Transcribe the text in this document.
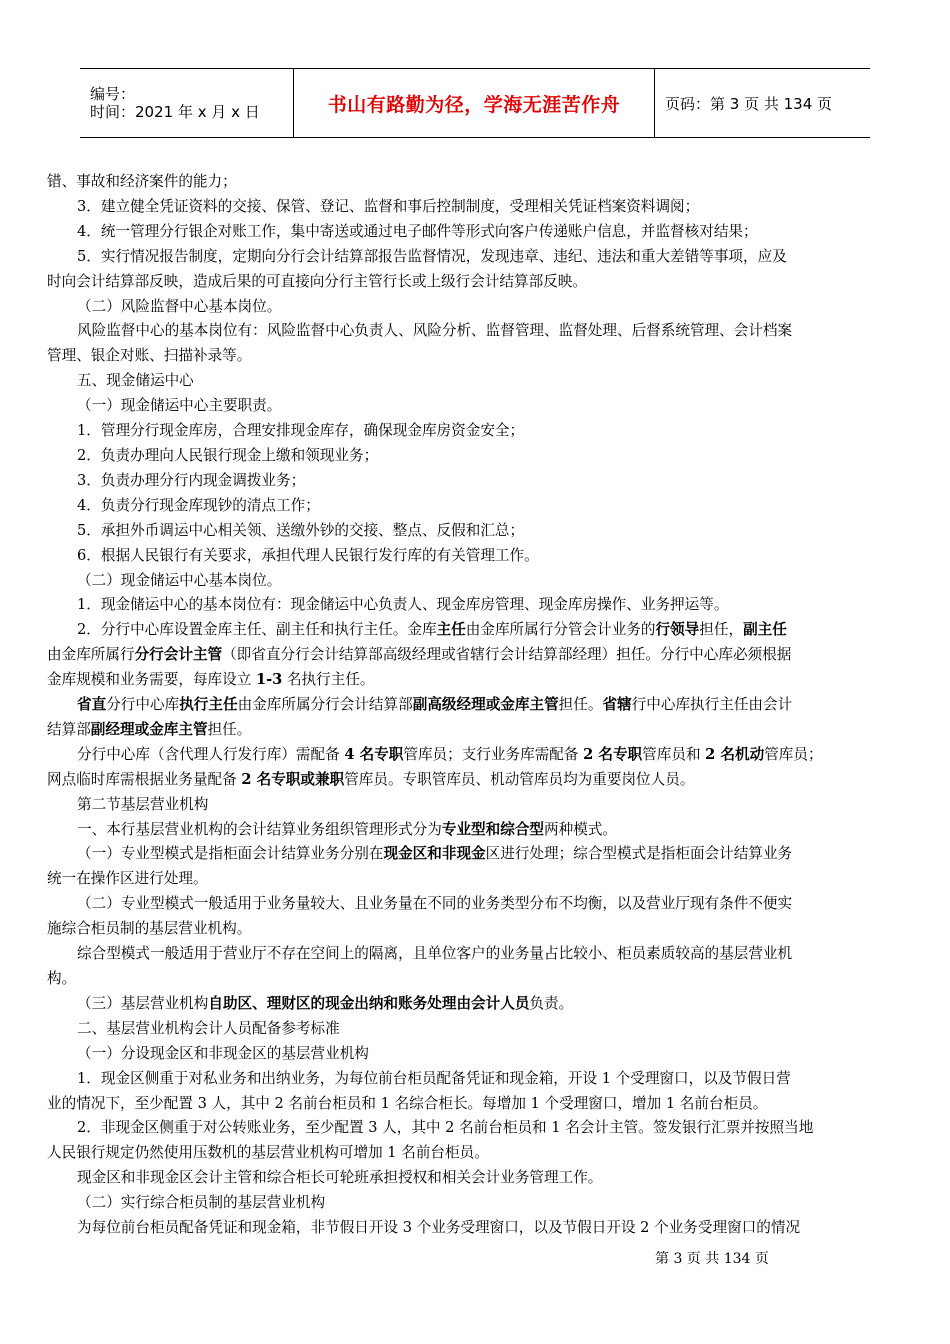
编号：
时间：2021 年 x 月 x 日	书山有路勤为径，学海无涯苦作舟	页码：第 3 页 共 134 页

错、事故和经济案件的能力；

3．建立健全凭证资料的交接、保管、登记、监督和事后控制制度，受理相关凭证档案资料调阅；

4．统一管理分行银企对账工作，集中寄送或通过电子邮件等形式向客户传递账户信息，并监督核对结果；

5．实行情况报告制度，定期向分行会计结算部报告监督情况，发现违章、违纪、违法和重大差错等事项，应及

时向会计结算部反映，造成后果的可直接向分行主管行长或上级行会计结算部反映。

（二）风险监督中心基本岗位。

风险监督中心的基本岗位有：风险监督中心负责人、风险分析、监督管理、监督处理、后督系统管理、会计档案

管理、银企对账、扫描补录等。

五、现金储运中心

（一）现金储运中心主要职责。

1．管理分行现金库房，合理安排现金库存，确保现金库房资金安全；

2．负责办理向人民银行现金上缴和领现业务；

3．负责办理分行内现金调拨业务；

4．负责分行现金库现钞的清点工作；

5．承担外币调运中心相关领、送缴外钞的交接、整点、反假和汇总；

6．根据人民银行有关要求，承担代理人民银行发行库的有关管理工作。

（二）现金储运中心基本岗位。

1．现金储运中心的基本岗位有：现金储运中心负责人、现金库房管理、现金库房操作、业务押运等。

2．分行中心库设置金库主任、副主任和执行主任。金库主任由金库所属行分管会计业务的行领导担任，副主任

由金库所属行分行会计主管（即省直分行会计结算部高级经理或省辖行会计结算部经理）担任。分行中心库必须根据

金库规模和业务需要，每库设立 1-3 名执行主任。

省直分行中心库执行主任由金库所属分行会计结算部副高级经理或金库主管担任。省辖行中心库执行主任由会计

结算部副经理或金库主管担任。

分行中心库（含代理人行发行库）需配备 4 名专职管库员；支行业务库需配备 2 名专职管库员和 2 名机动管库员；

网点临时库需根据业务量配备 2 名专职或兼职管库员。专职管库员、机动管库员均为重要岗位人员。

第二节基层营业机构

一、本行基层营业机构的会计结算业务组织管理形式分为专业型和综合型两种模式。

（一）专业型模式是指柜面会计结算业务分别在现金区和非现金区进行处理；综合型模式是指柜面会计结算业务

统一在操作区进行处理。

（二）专业型模式一般适用于业务量较大、且业务量在不同的业务类型分布不均衡，以及营业厅现有条件不便实

施综合柜员制的基层营业机构。

综合型模式一般适用于营业厅不存在空间上的隔离，且单位客户的业务量占比较小、柜员素质较高的基层营业机

构。

（三）基层营业机构自助区、理财区的现金出纳和账务处理由会计人员负责。

二、基层营业机构会计人员配备参考标准

（一）分设现金区和非现金区的基层营业机构

1．现金区侧重于对私业务和出纳业务，为每位前台柜员配备凭证和现金箱，开设 1 个受理窗口，以及节假日营

业的情况下，至少配置 3 人，其中 2 名前台柜员和 1 名综合柜长。每增加 1 个受理窗口，增加 1 名前台柜员。

2．非现金区侧重于对公转账业务，至少配置 3 人，其中 2 名前台柜员和 1 名会计主管。签发银行汇票并按照当地

人民银行规定仍然使用压数机的基层营业机构可增加 1 名前台柜员。

现金区和非现金区会计主管和综合柜长可轮班承担授权和相关会计业务管理工作。

（二）实行综合柜员制的基层营业机构

为每位前台柜员配备凭证和现金箱，非节假日开设 3 个业务受理窗口，以及节假日开设 2 个业务受理窗口的情况

第 3 页 共 134 页
